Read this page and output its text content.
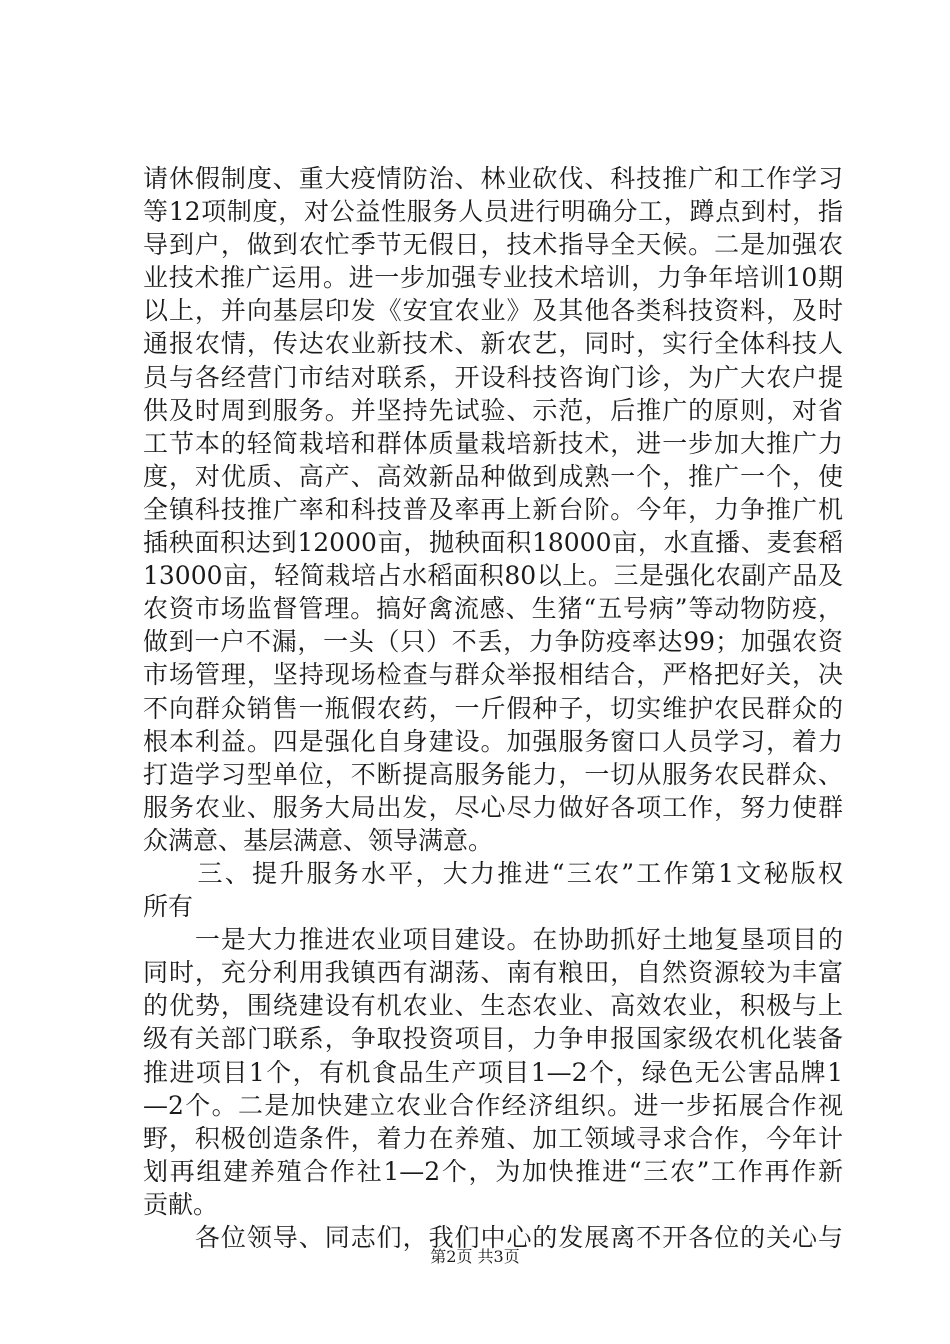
请休假制度、重大疫情防治、林业砍伐、科技推广和工作学习
等12项制度，对公益性服务人员进行明确分工，蹲点到村，指
导到户，做到农忙季节无假日，技术指导全天候。二是加强农
业技术推广运用。进一步加强专业技术培训，力争年培训10期
以上，并向基层印发《安宜农业》及其他各类科技资料，及时
通报农情，传达农业新技术、新农艺，同时，实行全体科技人
员与各经营门市结对联系，开设科技咨询门诊，为广大农户提
供及时周到服务。并坚持先试验、示范，后推广的原则，对省
工节本的轻简栽培和群体质量栽培新技术，进一步加大推广力
度，对优质、高产、高效新品种做到成熟一个，推广一个，使
全镇科技推广率和科技普及率再上新台阶。今年，力争推广机
插秧面积达到12000亩，抛秧面积18000亩，水直播、麦套稻
13000亩，轻简栽培占水稻面积80以上。三是强化农副产品及
农资市场监督管理。搞好禽流感、生猪“五号病”等动物防疫，
做到一户不漏，一头（只）不丢，力争防疫率达99；加强农资
市场管理，坚持现场检查与群众举报相结合，严格把好关，决
不向群众销售一瓶假农药，一斤假种子，切实维护农民群众的
根本利益。四是强化自身建设。加强服务窗口人员学习，着力
打造学习型单位，不断提高服务能力，一切从服务农民群众、
服务农业、服务大局出发，尽心尽力做好各项工作，努力使群
众满意、基层满意、领导满意。
　　三、提升服务水平，大力推进“三农”工作第1文秘版权
所有
　　一是大力推进农业项目建设。在协助抓好土地复垦项目的
同时，充分利用我镇西有湖荡、南有粮田，自然资源较为丰富
的优势，围绕建设有机农业、生态农业、高效农业，积极与上
级有关部门联系，争取投资项目，力争申报国家级农机化装备
推进项目1个，有机食品生产项目1—2个，绿色无公害品牌1
—2个。二是加快建立农业合作经济组织。进一步拓展合作视
野，积极创造条件，着力在养殖、加工领域寻求合作，今年计
划再组建养殖合作社1—2个，为加快推进“三农”工作再作新
贡献。
　　各位领导、同志们，我们中心的发展离不开各位的关心与
第2页 共3页
